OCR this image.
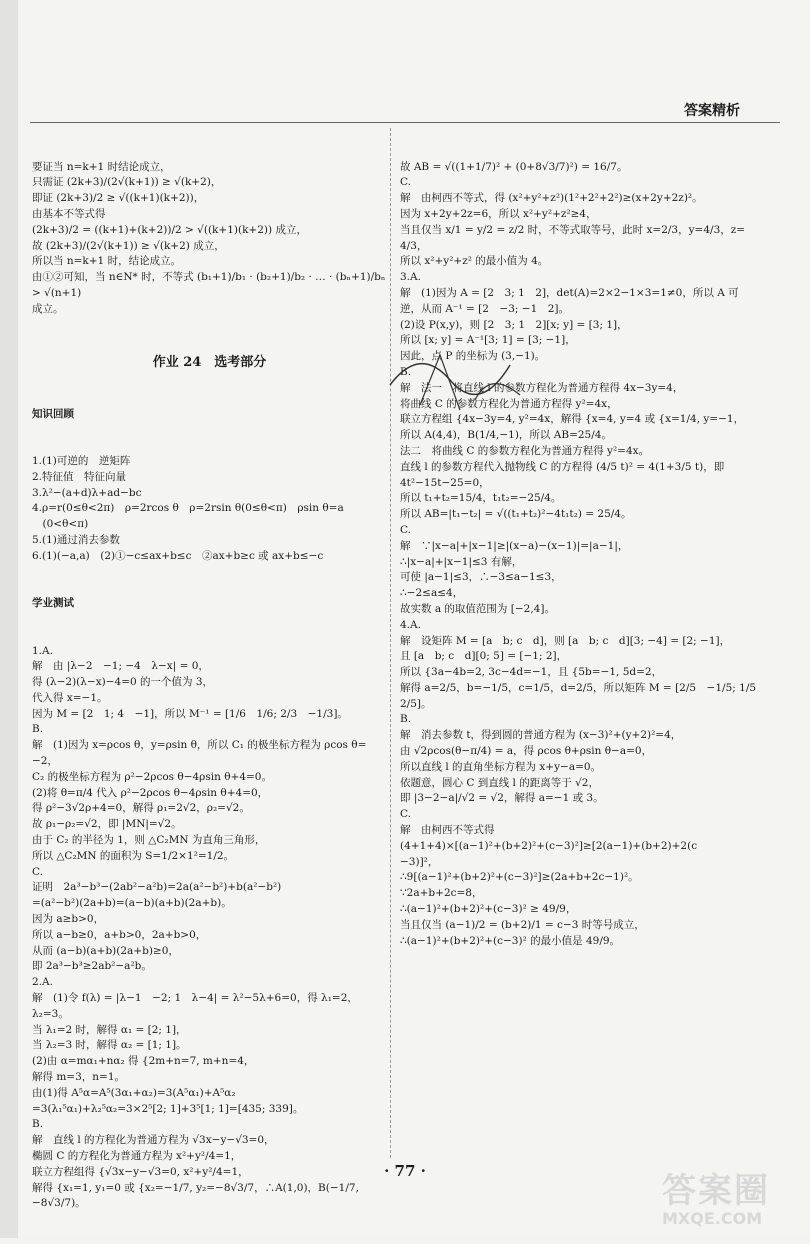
答案精析

要证当 n=k+1 时结论成立，
只需证 (2k+3)/(2√(k+1)) ≥ √(k+2)，
即证 (2k+3)/2 ≥ √((k+1)(k+2))，
由基本不等式得
(2k+3)/2 = ((k+1)+(k+2))/2 > √((k+1)(k+2)) 成立，
故 (2k+3)/(2√(k+1)) ≥ √(k+2) 成立，
所以当 n=k+1 时，结论成立。
由①②可知，当 n∈N* 时，不等式 (b₁+1)/b₁ · (b₂+1)/b₂ · … · (bₙ+1)/bₙ > √(n+1)
成立。

作业 24　选考部分

知识回顾

1.(1)可逆的　逆矩阵
2.特征值　特征向量
3.λ²−(a+d)λ+ad−bc
4.ρ=r(0≤θ<2π)　ρ=2rcos θ　ρ=2rsin θ(0≤θ<π)　ρsin θ=a
　(0<θ<π)
5.(1)通过消去参数
6.(1)(−a,a)　(2)①−c≤ax+b≤c　②ax+b≥c 或 ax+b≤−c

学业测试

1.A.
解　由 |λ−2　−1; −4　λ−x| = 0，
得 (λ−2)(λ−x)−4=0 的一个值为 3，
代入得 x=−1。
因为 M = [2　1; 4　−1]，所以 M⁻¹ = [1/6　1/6; 2/3　−1/3]。
B.
解　(1)因为 x=ρcos θ，y=ρsin θ，所以 C₁ 的极坐标方程为 ρcos θ=
−2，
C₂ 的极坐标方程为 ρ²−2ρcos θ−4ρsin θ+4=0。
(2)将 θ=π/4 代入 ρ²−2ρcos θ−4ρsin θ+4=0，
得 ρ²−3√2ρ+4=0，解得 ρ₁=2√2，ρ₂=√2。
故 ρ₁−ρ₂=√2，即 |MN|=√2。
由于 C₂ 的半径为 1，则 △C₂MN 为直角三角形，
所以 △C₂MN 的面积为 S=1/2×1²=1/2。
C.
证明　2a³−b³−(2ab²−a²b)=2a(a²−b²)+b(a²−b²)
=(a²−b²)(2a+b)=(a−b)(a+b)(2a+b)。
因为 a≥b>0，
所以 a−b≥0，a+b>0，2a+b>0，
从而 (a−b)(a+b)(2a+b)≥0，
即 2a³−b³≥2ab²−a²b。
2.A.
解　(1)令 f(λ) = |λ−1　−2; 1　λ−4| = λ²−5λ+6=0，得 λ₁=2，λ₂=3。
当 λ₁=2 时，解得 α₁ = [2; 1]，
当 λ₂=3 时，解得 α₂ = [1; 1]。
(2)由 α=mα₁+nα₂ 得 {2m+n=7, m+n=4，
解得 m=3，n=1。
由(1)得 A⁵α=A⁵(3α₁+α₂)=3(A⁵α₁)+A⁵α₂
=3(λ₁⁵α₁)+λ₂⁵α₂=3×2⁵[2; 1]+3⁵[1; 1]=[435; 339]。
B.
解　直线 l 的方程化为普通方程为 √3x−y−√3=0，
椭圆 C 的方程化为普通方程为 x²+y²/4=1，
联立方程组得 {√3x−y−√3=0, x²+y²/4=1，
解得 {x₁=1, y₁=0 或 {x₂=−1/7, y₂=−8√3/7，∴A(1,0)，B(−1/7, −8√3/7)。

故 AB = √((1+1/7)² + (0+8√3/7)²) = 16/7。
C.
解　由柯西不等式，得 (x²+y²+z²)(1²+2²+2²)≥(x+2y+2z)²。
因为 x+2y+2z=6，所以 x²+y²+z²≥4，
当且仅当 x/1 = y/2 = z/2 时，不等式取等号，此时 x=2/3，y=4/3，z=
4/3，
所以 x²+y²+z² 的最小值为 4。
3.A.
解　(1)因为 A = [2　3; 1　2]，det(A)=2×2−1×3=1≠0，所以 A 可
逆，从而 A⁻¹ = [2　−3; −1　2]。
(2)设 P(x,y)，则 [2　3; 1　2][x; y] = [3; 1]，
所以 [x; y] = A⁻¹[3; 1] = [3; −1]，
因此，点 P 的坐标为 (3,−1)。
B.
解　法一　将直线 l 的参数方程化为普通方程得 4x−3y=4，
将曲线 C 的参数方程化为普通方程得 y²=4x，
联立方程组 {4x−3y=4, y²=4x，解得 {x=4, y=4 或 {x=1/4, y=−1，
所以 A(4,4)，B(1/4,−1)，所以 AB=25/4。
法二　将曲线 C 的参数方程化为普通方程得 y²=4x。
直线 l 的参数方程代入抛物线 C 的方程得 (4/5 t)² = 4(1+3/5 t)，即
4t²−15t−25=0，
所以 t₁+t₂=15/4，t₁t₂=−25/4。
所以 AB=|t₁−t₂| = √((t₁+t₂)²−4t₁t₂) = 25/4。
C.
解　∵|x−a|+|x−1|≥|(x−a)−(x−1)|=|a−1|，
∴|x−a|+|x−1|≤3 有解，
可使 |a−1|≤3，∴−3≤a−1≤3，
∴−2≤a≤4，
故实数 a 的取值范围为 [−2,4]。
4.A.
解　设矩阵 M = [a　b; c　d]，则 [a　b; c　d][3; −4] = [2; −1]，
且 [a　b; c　d][0; 5] = [−1; 2]，
所以 {3a−4b=2, 3c−4d=−1，且 {5b=−1, 5d=2，
解得 a=2/5，b=−1/5，c=1/5，d=2/5，所以矩阵 M = [2/5　−1/5; 1/5　2/5]。
B.
解　消去参数 t，得到圆的普通方程为 (x−3)²+(y+2)²=4，
由 √2ρcos(θ−π/4) = a，得 ρcos θ+ρsin θ−a=0，
所以直线 l 的直角坐标方程为 x+y−a=0。
依题意，圆心 C 到直线 l 的距离等于 √2，
即 |3−2−a|/√2 = √2，解得 a=−1 或 3。
C.
解　由柯西不等式得
(4+1+4)×[(a−1)²+(b+2)²+(c−3)²]≥[2(a−1)+(b+2)+2(c
−3)]²，
∴9[(a−1)²+(b+2)²+(c−3)²]≥(2a+b+2c−1)²。
∵2a+b+2c=8，
∴(a−1)²+(b+2)²+(c−3)² ≥ 49/9，
当且仅当 (a−1)/2 = (b+2)/1 = c−3 时等号成立，
∴(a−1)²+(b+2)²+(c−3)² 的最小值是 49/9。

· 77 ·	答案圈
MXQE.COM
